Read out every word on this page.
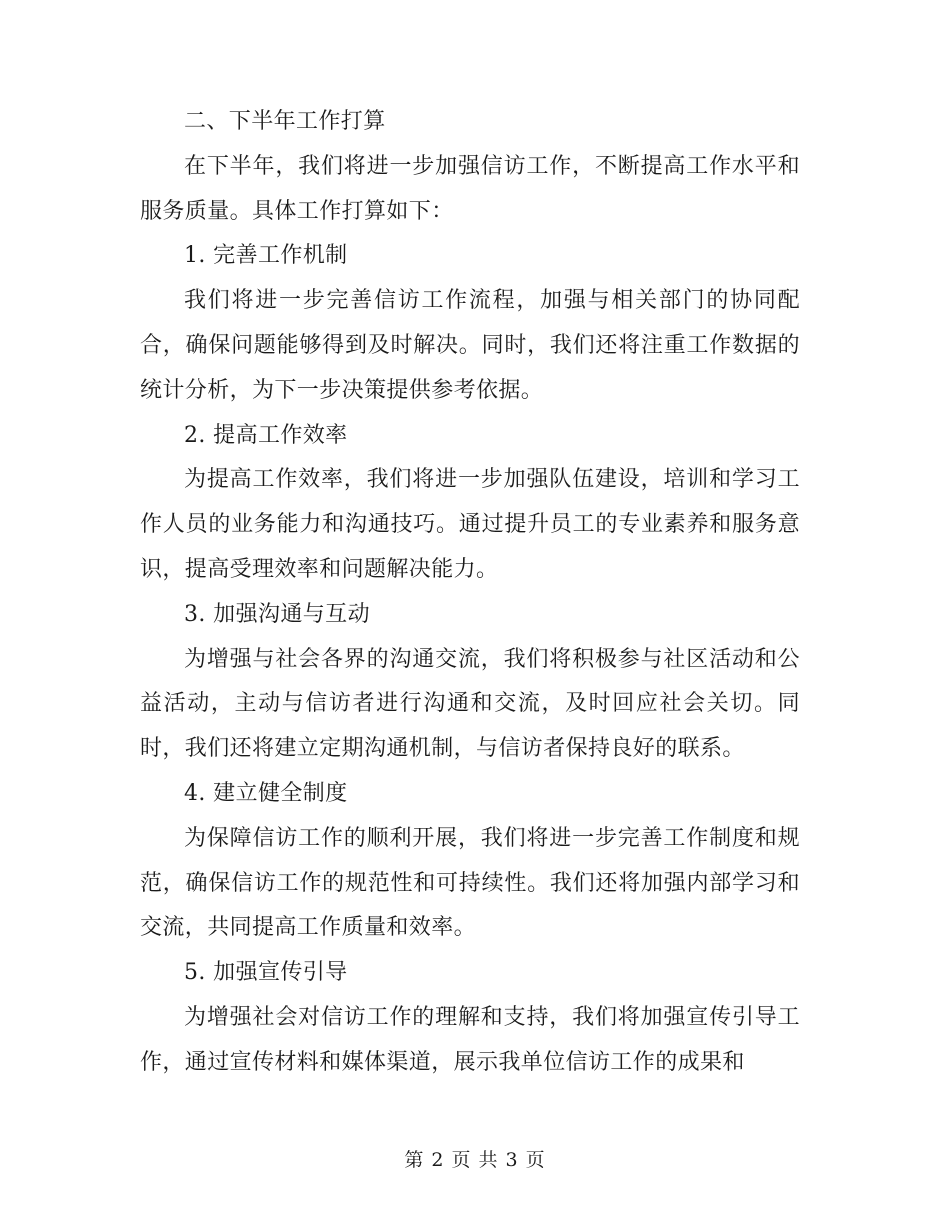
二、下半年工作打算

在下半年，我们将进一步加强信访工作，不断提高工作水平和服务质量。具体工作打算如下：

1. 完善工作机制

我们将进一步完善信访工作流程，加强与相关部门的协同配合，确保问题能够得到及时解决。同时，我们还将注重工作数据的统计分析，为下一步决策提供参考依据。

2. 提高工作效率

为提高工作效率，我们将进一步加强队伍建设，培训和学习工作人员的业务能力和沟通技巧。通过提升员工的专业素养和服务意识，提高受理效率和问题解决能力。

3. 加强沟通与互动

为增强与社会各界的沟通交流，我们将积极参与社区活动和公益活动，主动与信访者进行沟通和交流，及时回应社会关切。同时，我们还将建立定期沟通机制，与信访者保持良好的联系。

4. 建立健全制度

为保障信访工作的顺利开展，我们将进一步完善工作制度和规范，确保信访工作的规范性和可持续性。我们还将加强内部学习和交流，共同提高工作质量和效率。

5. 加强宣传引导

为增强社会对信访工作的理解和支持，我们将加强宣传引导工作，通过宣传材料和媒体渠道，展示我单位信访工作的成果和

第 2 页 共 3 页
